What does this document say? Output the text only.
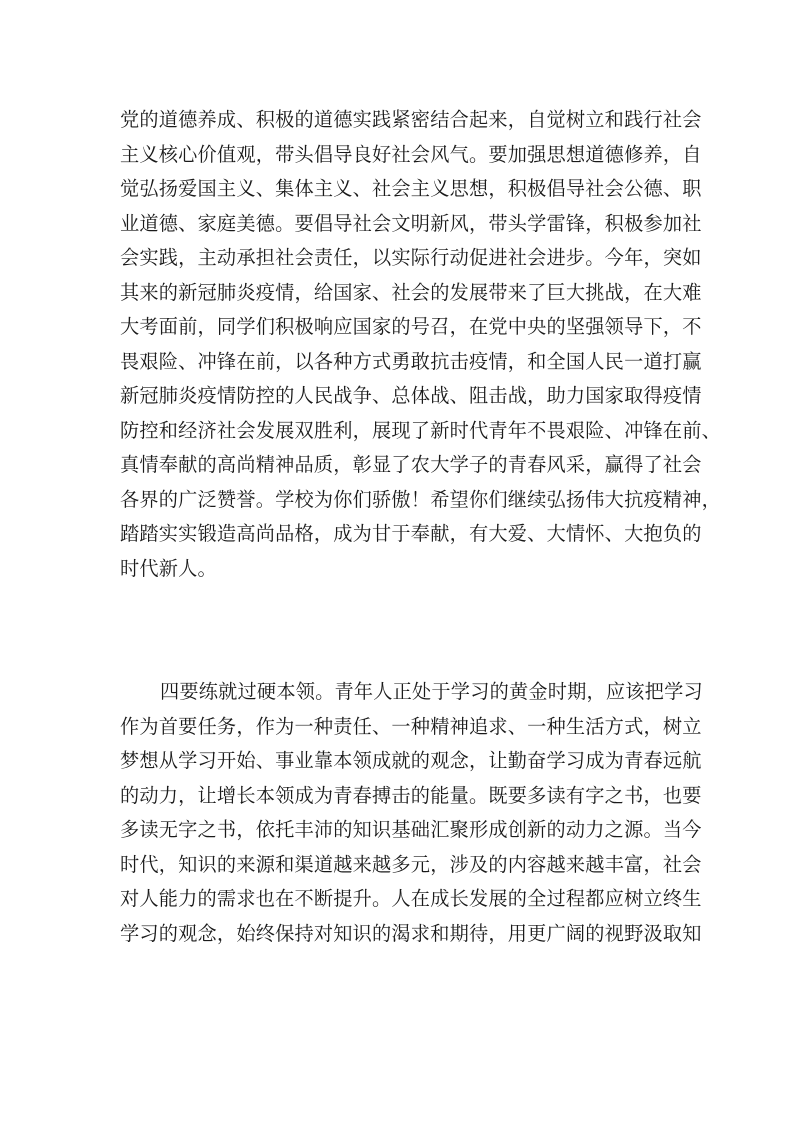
党的道德养成、积极的道德实践紧密结合起来，自觉树立和践行社会
主义核心价值观，带头倡导良好社会风气。要加强思想道德修养，自
觉弘扬爱国主义、集体主义、社会主义思想，积极倡导社会公德、职
业道德、家庭美德。要倡导社会文明新风，带头学雷锋，积极参加社
会实践，主动承担社会责任，以实际行动促进社会进步。今年，突如
其来的新冠肺炎疫情，给国家、社会的发展带来了巨大挑战，在大难
大考面前，同学们积极响应国家的号召，在党中央的坚强领导下，不
畏艰险、冲锋在前，以各种方式勇敢抗击疫情，和全国人民一道打赢
新冠肺炎疫情防控的人民战争、总体战、阻击战，助力国家取得疫情
防控和经济社会发展双胜利，展现了新时代青年不畏艰险、冲锋在前、
真情奉献的高尚精神品质，彰显了农大学子的青春风采，赢得了社会
各界的广泛赞誉。学校为你们骄傲！希望你们继续弘扬伟大抗疫精神，
踏踏实实锻造高尚品格，成为甘于奉献，有大爱、大情怀、大抱负的
时代新人。
四要练就过硬本领。青年人正处于学习的黄金时期，应该把学习
作为首要任务，作为一种责任、一种精神追求、一种生活方式，树立
梦想从学习开始、事业靠本领成就的观念，让勤奋学习成为青春远航
的动力，让增长本领成为青春搏击的能量。既要多读有字之书，也要
多读无字之书，依托丰沛的知识基础汇聚形成创新的动力之源。当今
时代，知识的来源和渠道越来越多元，涉及的内容越来越丰富，社会
对人能力的需求也在不断提升。人在成长发展的全过程都应树立终生
学习的观念，始终保持对知识的渴求和期待，用更广阔的视野汲取知
